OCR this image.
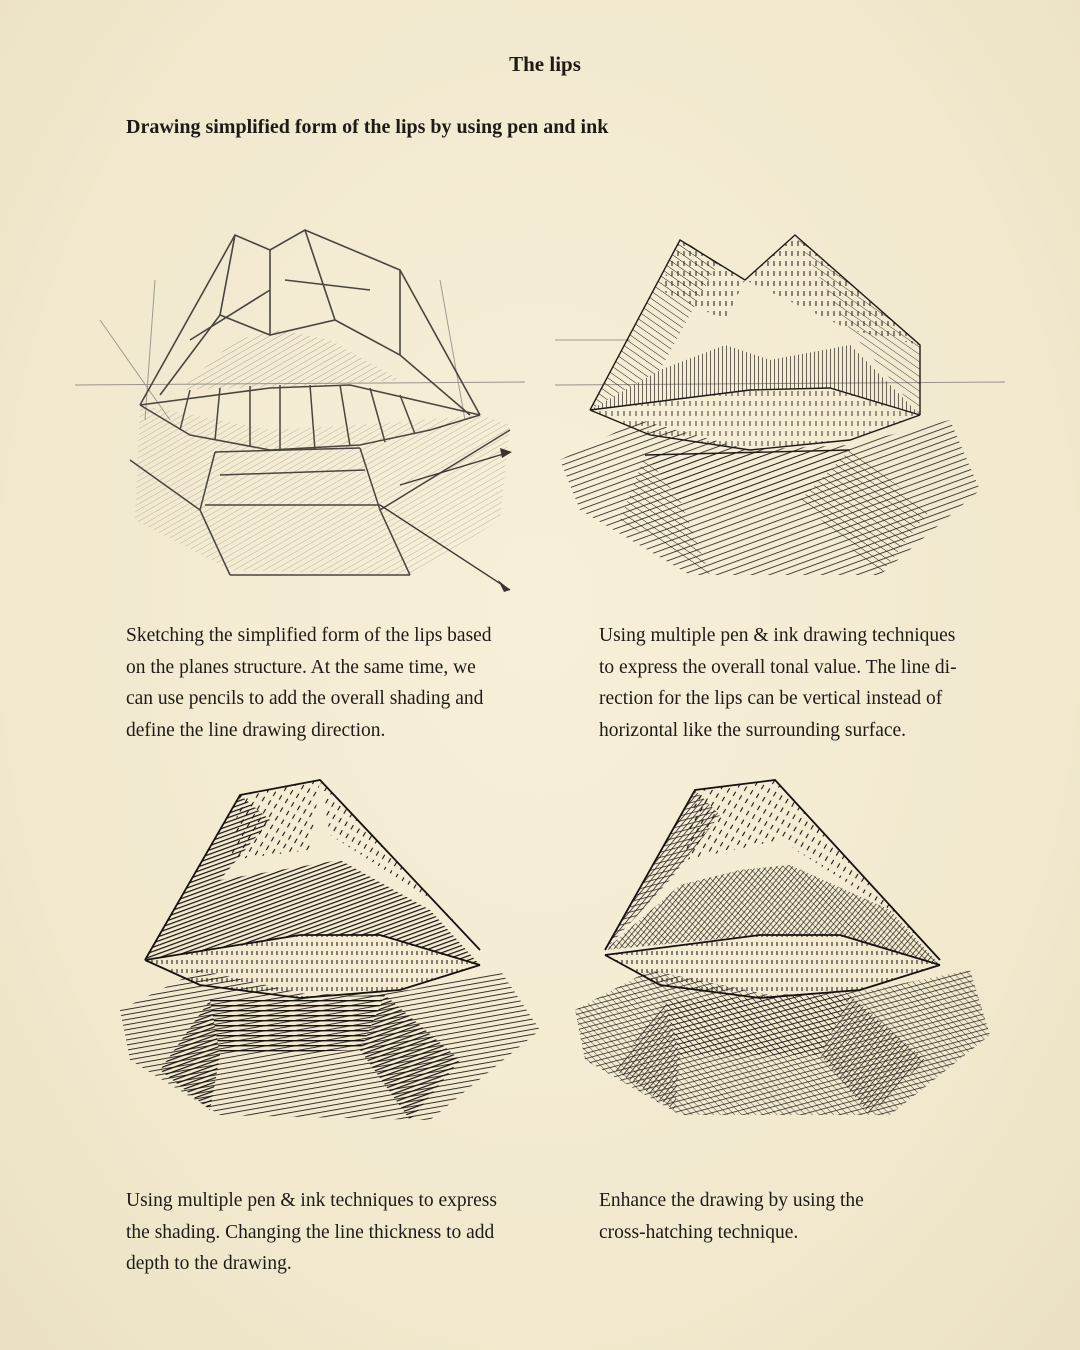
The lips
Drawing simplified form of the lips by using pen and ink
Sketching the simplified form of the lips based
on the planes structure. At the same time, we
can use pencils to add the overall shading and
define the line drawing direction.
Using multiple pen & ink drawing techniques
to express the overall tonal value. The line di-
rection for the lips can be vertical instead of
horizontal like the surrounding surface.
Using multiple pen & ink techniques to express
the shading. Changing the line thickness to add
depth to the drawing.
Enhance the drawing by using the
cross-hatching technique.
